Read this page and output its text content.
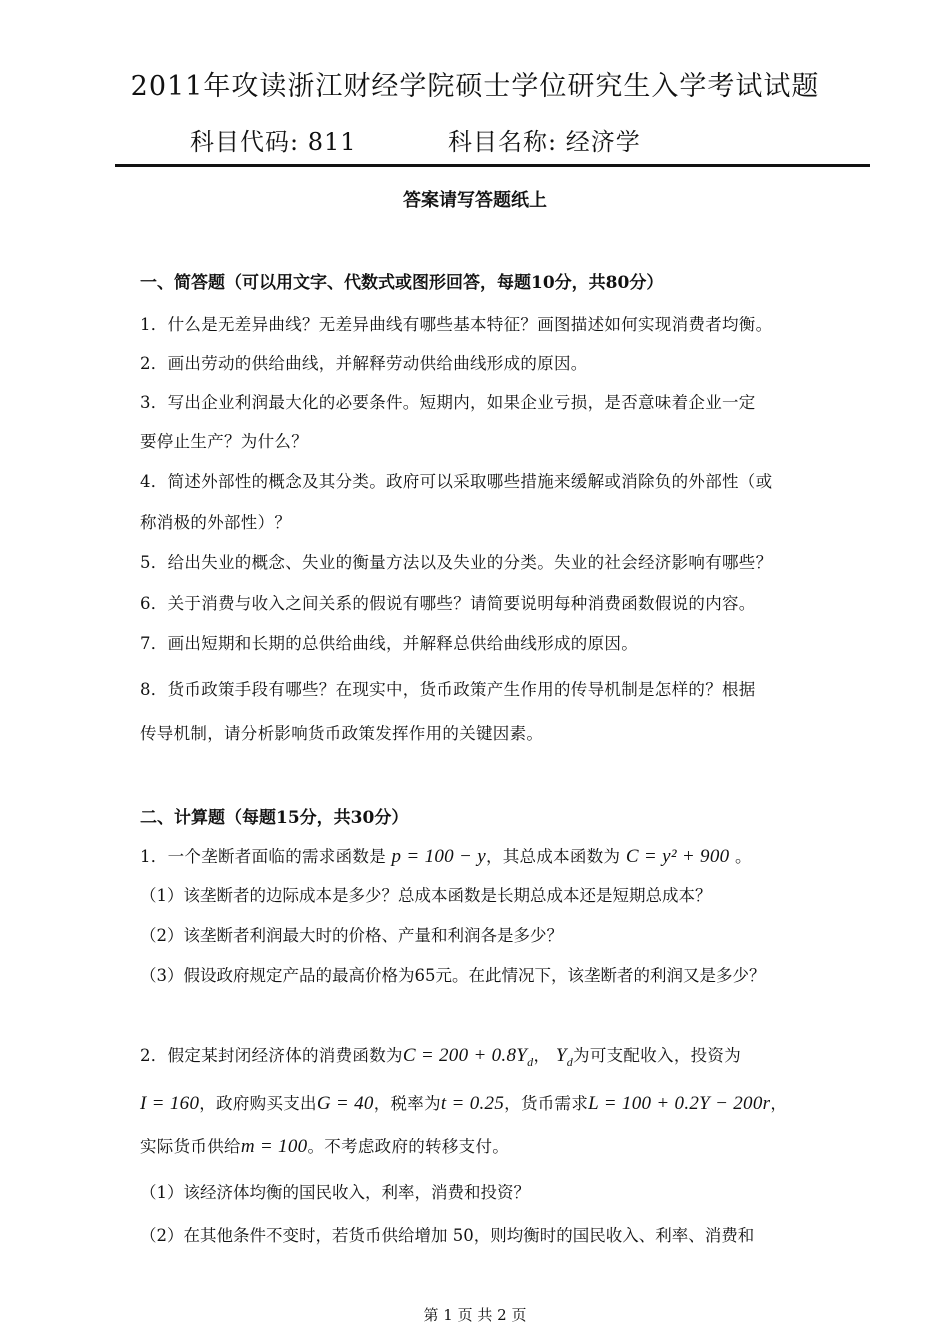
2011年攻读浙江财经学院硕士学位研究生入学考试试题
科目代码: 811	科目名称: 经济学
答案请写答题纸上
一、简答题（可以用文字、代数式或图形回答，每题10分，共80分）
1．什么是无差异曲线？无差异曲线有哪些基本特征？画图描述如何实现消费者均衡。
2．画出劳动的供给曲线，并解释劳动供给曲线形成的原因。
3．写出企业利润最大化的必要条件。短期内，如果企业亏损，是否意味着企业一定
要停止生产？为什么？
4．简述外部性的概念及其分类。政府可以采取哪些措施来缓解或消除负的外部性（或
称消极的外部性）？
5．给出失业的概念、失业的衡量方法以及失业的分类。失业的社会经济影响有哪些？
6．关于消费与收入之间关系的假说有哪些？请简要说明每种消费函数假说的内容。
7．画出短期和长期的总供给曲线，并解释总供给曲线形成的原因。
8．货币政策手段有哪些？在现实中，货币政策产生作用的传导机制是怎样的？根据
传导机制，请分析影响货币政策发挥作用的关键因素。
二、计算题（每题15分，共30分）
1．一个垄断者面临的需求函数是 p = 100 − y，其总成本函数为 C = y² + 900 。
（1）该垄断者的边际成本是多少？总成本函数是长期总成本还是短期总成本？
（2）该垄断者利润最大时的价格、产量和利润各是多少？
（3）假设政府规定产品的最高价格为65元。在此情况下，该垄断者的利润又是多少？
2．假定某封闭经济体的消费函数为$C = 200 + 0.8Y_d$， $Y_d$为可支配收入，投资为
I = 160，政府购买支出G = 40，税率为t = 0.25，货币需求L = 100 + 0.2Y − 200r，
实际货币供给m = 100。不考虑政府的转移支付。
（1）该经济体均衡的国民收入，利率，消费和投资？
（2）在其他条件不变时，若货币供给增加 50，则均衡时的国民收入、利率、消费和
第 1 页 共 2 页
